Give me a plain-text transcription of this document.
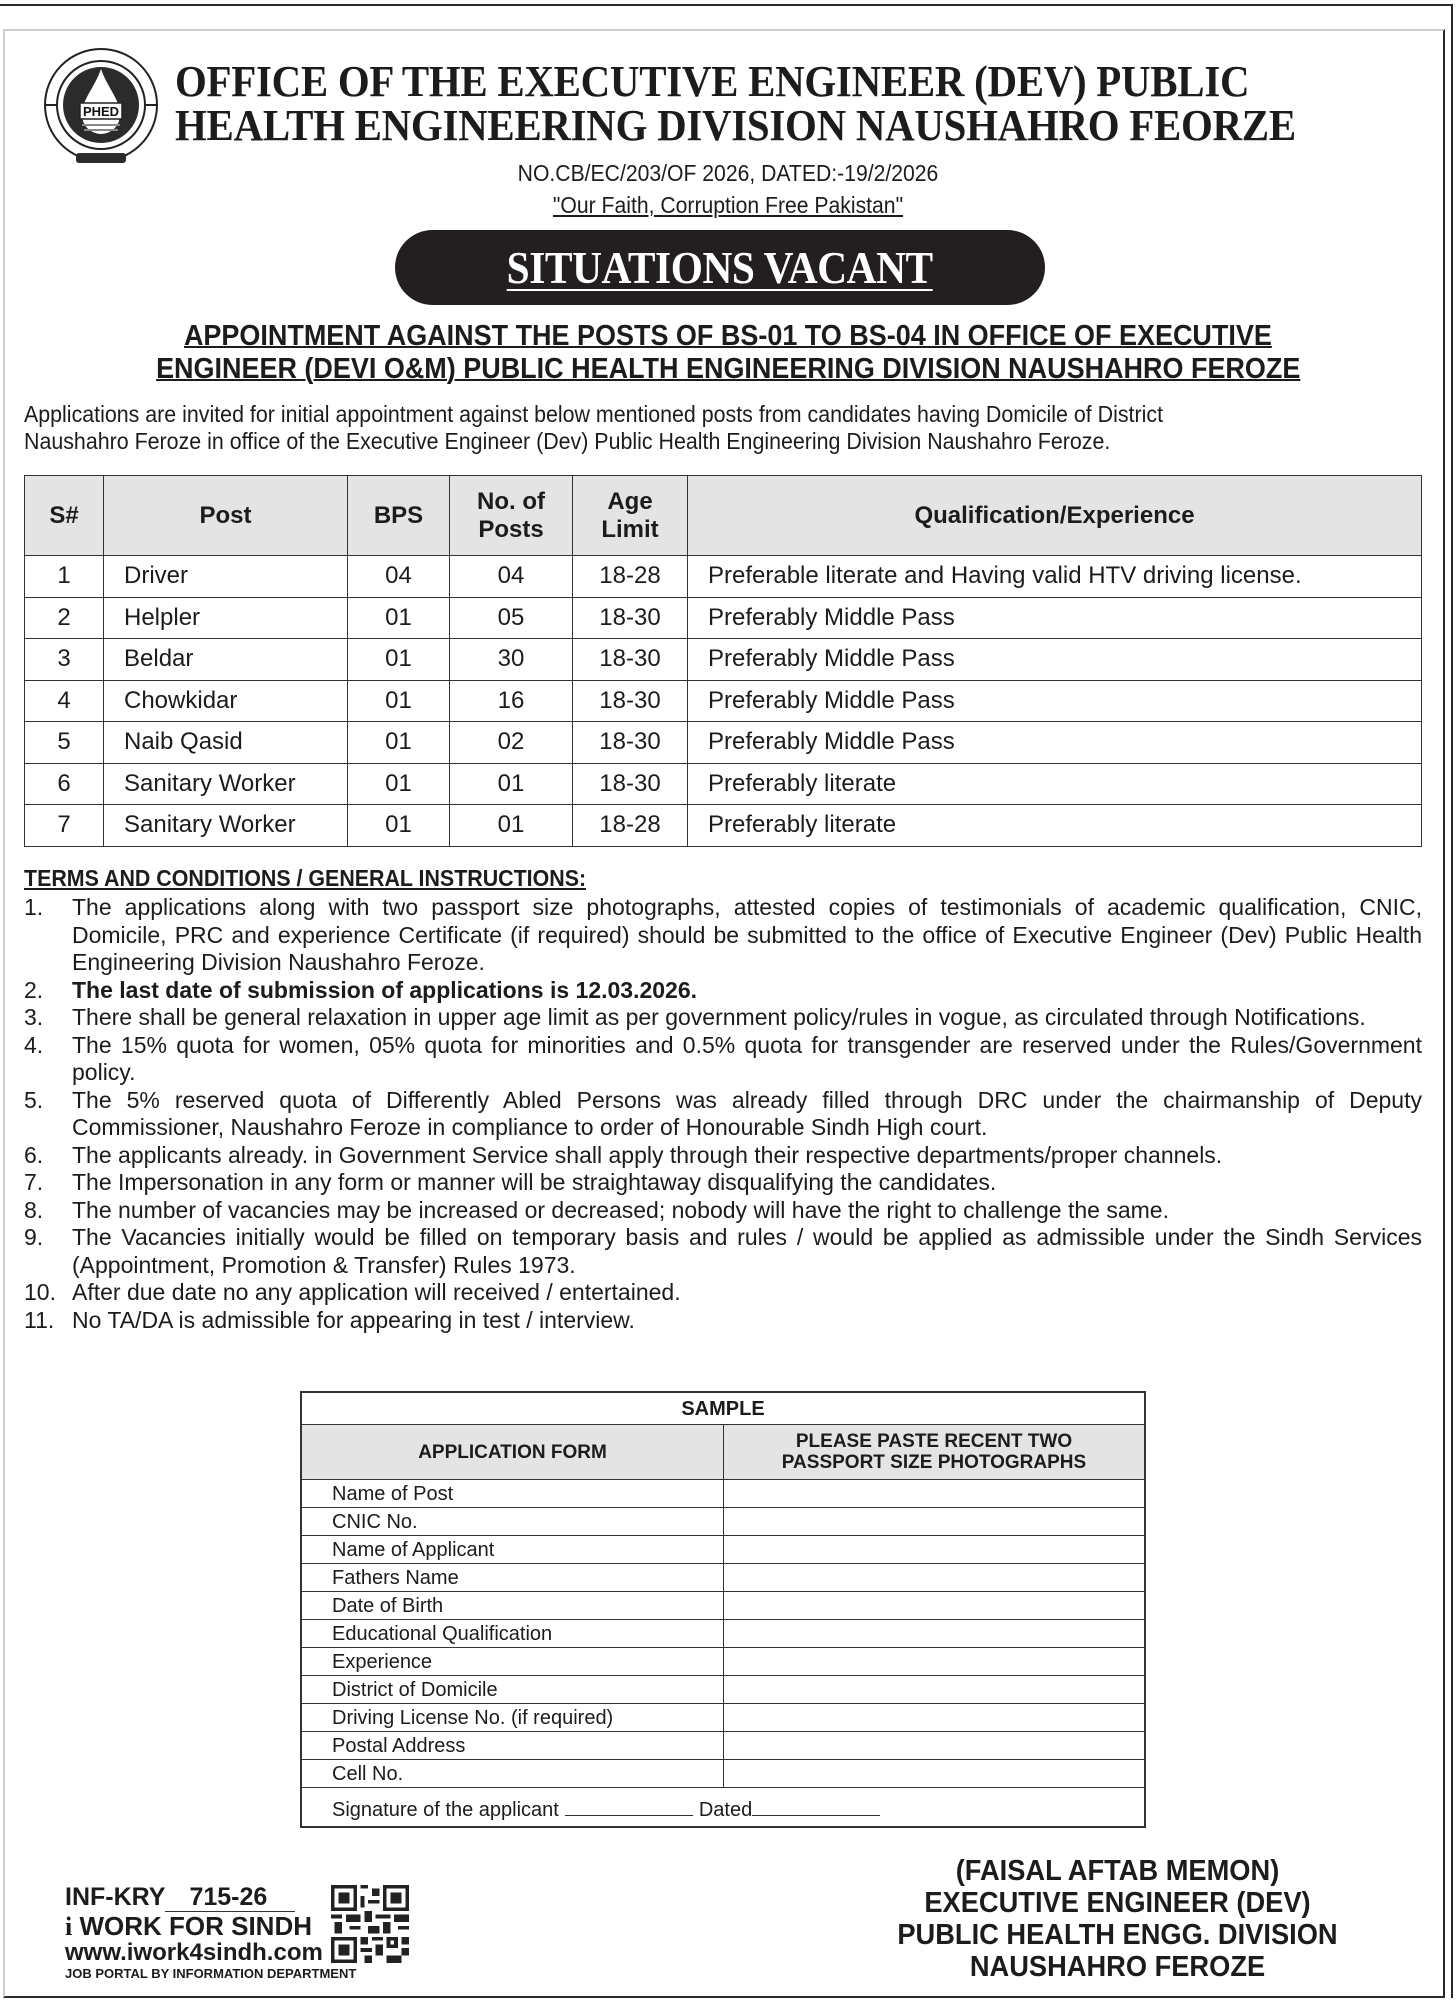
PHED
OFFICE OF THE EXECUTIVE ENGINEER (DEV) PUBLIC
HEALTH ENGINEERING DIVISION NAUSHAHRO FEORZE
NO.CB/EC/203/OF 2026, DATED:-19/2/2026
"Our Faith, Corruption Free Pakistan"
SITUATIONS VACANT
APPOINTMENT AGAINST THE POSTS OF BS-01 TO BS-04 IN OFFICE OF EXECUTIVE
ENGINEER (DEVI O&M) PUBLIC HEALTH ENGINEERING DIVISION NAUSHAHRO FEROZE
Applications are invited for initial appointment against below mentioned posts from candidates having Domicile of District
Naushahro Feroze in office of the Executive Engineer (Dev) Public Health Engineering Division Naushahro Feroze.
S#	Post	BPS	No. of Posts	Age Limit	Qualification/Experience
1	Driver	04	04	18-28	Preferable literate and Having valid HTV driving license.
2	Helpler	01	05	18-30	Preferably Middle Pass
3	Beldar	01	30	18-30	Preferably Middle Pass
4	Chowkidar	01	16	18-30	Preferably Middle Pass
5	Naib Qasid	01	02	18-30	Preferably Middle Pass
6	Sanitary Worker	01	01	18-30	Preferably literate
7	Sanitary Worker	01	01	18-28	Preferably literate
TERMS AND CONDITIONS / GENERAL INSTRUCTIONS:
1. The applications along with two passport size photographs, attested copies of testimonials of academic qualification, CNIC, Domicile, PRC and experience Certificate (if required) should be submitted to the office of Executive Engineer (Dev) Public Health Engineering Division Naushahro Feroze.
2. The last date of submission of applications is 12.03.2026.
3. There shall be general relaxation in upper age limit as per government policy/rules in vogue, as circulated through Notifications.
4. The 15% quota for women, 05% quota for minorities and 0.5% quota for transgender are reserved under the Rules/Government policy.
5. The 5% reserved quota of Differently Abled Persons was already filled through DRC under the chairmanship of Deputy Commissioner, Naushahro Feroze in compliance to order of Honourable Sindh High court.
6. The applicants already. in Government Service shall apply through their respective departments/proper channels.
7. The Impersonation in any form or manner will be straightaway disqualifying the candidates.
8. The number of vacancies may be increased or decreased; nobody will have the right to challenge the same.
9. The Vacancies initially would be filled on temporary basis and rules / would be applied as admissible under the Sindh Services (Appointment, Promotion & Transfer) Rules 1973.
10. After due date no any application will received / entertained.
11. No TA/DA is admissible for appearing in test / interview.
SAMPLE
APPLICATION FORM	PLEASE PASTE RECENT TWO
PASSPORT SIZE PHOTOGRAPHS
Name of Post
CNIC No.
Name of Applicant
Fathers Name
Date of Birth
Educational Qualification
Experience
District of Domicile
Driving License No. (if required)
Postal Address
Cell No.
Signature of the applicant	Dated
INF-KRY 715-26
i WORK FOR SINDH
www.iwork4sindh.com
JOB PORTAL BY INFORMATION DEPARTMENT
(FAISAL AFTAB MEMON)
EXECUTIVE ENGINEER (DEV)
PUBLIC HEALTH ENGG. DIVISION
NAUSHAHRO FEROZE
